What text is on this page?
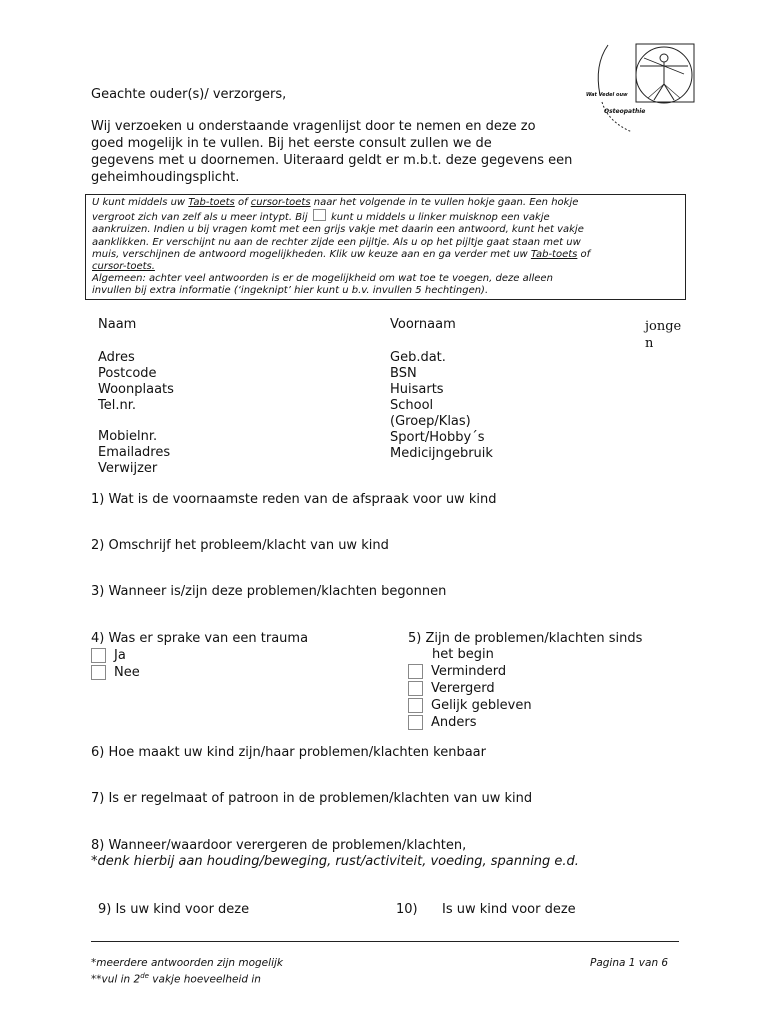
Wat Vedel ouw
Osteopathie
Geachte ouder(s)/ verzorgers,
Wij verzoeken u onderstaande vragenlijst door te nemen en deze zo
goed mogelijk in te vullen. Bij het eerste consult zullen we de
gegevens met u doornemen. Uiteraard geldt er m.b.t. deze gegevens een
geheimhoudingsplicht.
U kunt middels uw Tab-toets of cursor-toets naar het volgende in te vullen hokje gaan. Een hokje
vergroot zich van zelf als u meer intypt. Bij  kunt u middels u linker muisknop een vakje
aankruizen. Indien u bij vragen komt met een grijs vakje met daarin een antwoord, kunt het vakje
aanklikken. Er verschijnt nu aan de rechter zijde een pijltje. Als u op het pijltje gaat staan met uw
muis, verschijnen de antwoord mogelijkheden. Klik uw keuze aan en ga verder met uw Tab-toets of
cursor-toets.
Algemeen: achter veel antwoorden is er de mogelijkheid om wat toe te voegen, deze alleen
invullen bij extra informatie (‘ingeknipt’ hier kunt u b.v. invullen 5 hechtingen).
Naam
Adres
Postcode
Woonplaats
Tel.nr.
Mobielnr.
Emailadres
Verwijzer
Voornaam
Geb.dat.
BSN
Huisarts
School
(Groep/Klas)
Sport/Hobby´s
Medicijngebruik
jonge
n
1) Wat is de voornaamste reden van de afspraak voor uw kind
2) Omschrijf het probleem/klacht van uw kind
3) Wanneer is/zijn deze problemen/klachten begonnen
4) Was er sprake van een trauma
Ja
Nee
5) Zijn de problemen/klachten sinds
het begin
Verminderd
Verergerd
Gelijk gebleven
Anders
6) Hoe maakt uw kind zijn/haar problemen/klachten kenbaar
7) Is er regelmaat of patroon in de problemen/klachten van uw kind
8) Wanneer/waardoor verergeren de problemen/klachten,
*denk hierbij aan houding/beweging, rust/activiteit, voeding, spanning e.d.
9) Is uw kind voor deze	10) Is uw kind voor deze
*meerdere antwoorden zijn mogelijk
**vul in 2de vakje hoeveelheid in
Pagina 1 van 6
